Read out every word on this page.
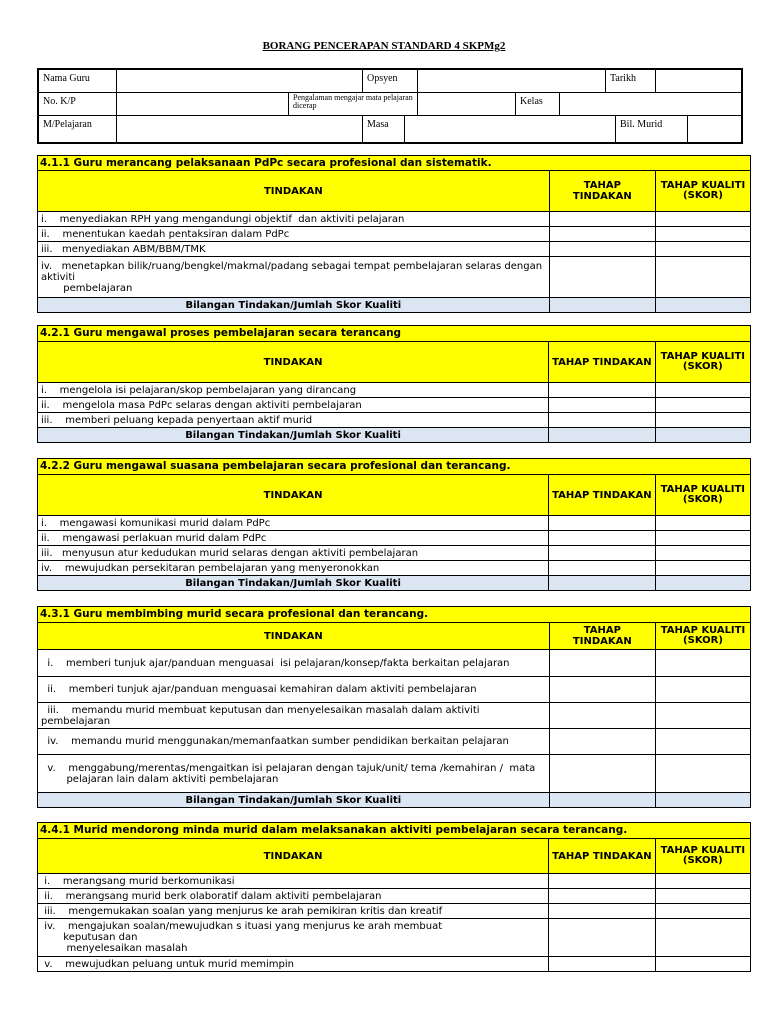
BORANG PENCERAPAN STANDARD 4 SKPMg2
Nama Guru	Opsyen	Tarikh
No. K/P	Pengalaman mengajar mata pelajaran dicerap	Kelas
M/Pelajaran	Masa	Bil. Murid
4.1.1 Guru merancang pelaksanaan PdPc secara profesional dan sistematik.		
TINDAKAN	TAHAP TINDAKAN	TAHAP KUALITI (SKOR)
i.    menyediakan RPH yang mengandungi objektif  dan aktiviti pelajaran		
ii.    menentukan kaedah pentaksiran dalam PdPc		
iii.   menyediakan ABM/BBM/TMK		
iv.   menetapkan bilik/ruang/bengkel/makmal/padang sebagai tempat pembelajaran selaras dengan aktiviti
pembelajaran		
Bilangan Tindakan/Jumlah Skor Kualiti		
4.2.1 Guru mengawal proses pembelajaran secara terancang		
TINDAKAN	TAHAP TINDAKAN	TAHAP KUALITI (SKOR)
i.    mengelola isi pelajaran/skop pembelajaran yang dirancang		
ii.    mengelola masa PdPc selaras dengan aktiviti pembelajaran		
iii.    memberi peluang kepada penyertaan aktif murid		
Bilangan Tindakan/Jumlah Skor Kualiti		
4.2.2 Guru mengawal suasana pembelajaran secara profesional dan terancang.		
TINDAKAN	TAHAP TINDAKAN	TAHAP KUALITI (SKOR)
i.    mengawasi komunikasi murid dalam PdPc		
ii.    mengawasi perlakuan murid dalam PdPc		
iii.   menyusun atur kedudukan murid selaras dengan aktiviti pembelajaran		
iv.    mewujudkan persekitaran pembelajaran yang menyeronokkan		
Bilangan Tindakan/Jumlah Skor Kualiti		
4.3.1 Guru membimbing murid secara profesional dan terancang.		
TINDAKAN	TAHAP TINDAKAN	TAHAP KUALITI (SKOR)
i.    memberi tunjuk ajar/panduan menguasai  isi pelajaran/konsep/fakta berkaitan pelajaran		
ii.    memberi tunjuk ajar/panduan menguasai kemahiran dalam aktiviti pembelajaran		
iii.    memandu murid membuat keputusan dan menyelesaikan masalah dalam aktiviti pembelajaran		
iv.    memandu murid menggunakan/memanfaatkan sumber pendidikan berkaitan pelajaran		
v.    menggabung/merentas/mengaitkan isi pelajaran dengan tajuk/unit/ tema /kemahiran /  mata
pelajaran lain dalam aktiviti pembelajaran		
Bilangan Tindakan/Jumlah Skor Kualiti		
4.4.1 Murid mendorong minda murid dalam melaksanakan aktiviti pembelajaran secara terancang.		
TINDAKAN	TAHAP TINDAKAN	TAHAP KUALITI (SKOR)
i.    merangsang murid berkomunikasi		
ii.    merangsang murid berk olaboratif dalam aktiviti pembelajaran		
iii.    mengemukakan soalan yang menjurus ke arah pemikiran kritis dan kreatif		
iv.    mengajukan soalan/mewujudkan s ituasi yang menjurus ke arah membuat
keputusan dan
menyelesaikan masalah		
v.    mewujudkan peluang untuk murid memimpin		
